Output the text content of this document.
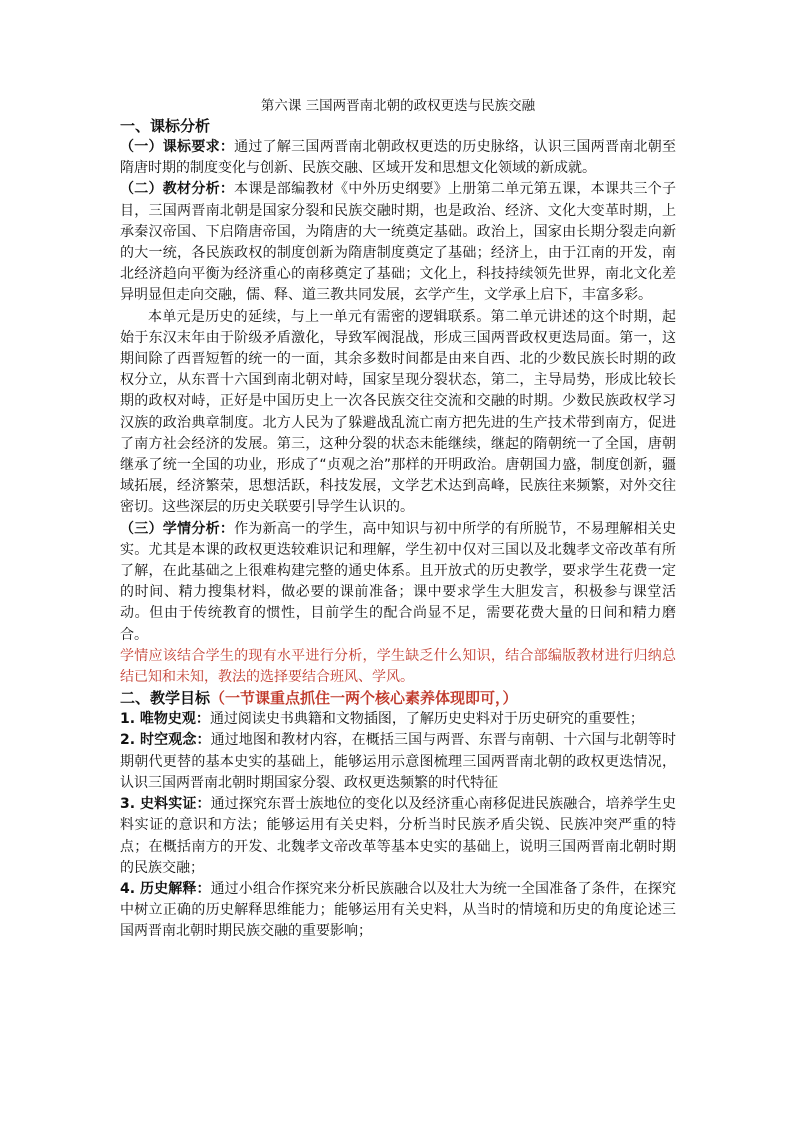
第六课 三国两晋南北朝的政权更迭与民族交融

一、课标分析

（一）课标要求：通过了解三国两晋南北朝政权更迭的历史脉络，认识三国两晋南北朝至隋唐时期的制度变化与创新、民族交融、区域开发和思想文化领域的新成就。

（二）教材分析：本课是部编教材《中外历史纲要》上册第二单元第五课，本课共三个子目，三国两晋南北朝是国家分裂和民族交融时期，也是政治、经济、文化大变革时期，上承秦汉帝国、下启隋唐帝国，为隋唐的大一统奠定基础。政治上，国家由长期分裂走向新的大一统，各民族政权的制度创新为隋唐制度奠定了基础；经济上，由于江南的开发，南北经济趋向平衡为经济重心的南移奠定了基础；文化上，科技持续领先世界，南北文化差异明显但走向交融，儒、释、道三教共同发展，玄学产生，文学承上启下，丰富多彩。

本单元是历史的延续，与上一单元有需密的逻辑联系。第二单元讲述的这个时期，起始于东汉末年由于阶级矛盾激化，导致军阀混战，形成三国两晋政权更迭局面。第一，这期间除了西晋短暂的统一的一面，其余多数时间都是由来自西、北的少数民族长时期的政权分立，从东晋十六国到南北朝对峙，国家呈现分裂状态，第二，主导局势，形成比较长期的政权对峙，正好是中国历史上一次各民族交往交流和交融的时期。少数民族政权学习汉族的政治典章制度。北方人民为了躲避战乱流亡南方把先进的生产技术带到南方，促进了南方社会经济的发展。第三，这种分裂的状态未能继续，继起的隋朝统一了全国，唐朝继承了统一全国的功业，形成了“贞观之治”那样的开明政治。唐朝国力盛，制度创新，疆域拓展，经济繁荣，思想活跃，科技发展，文学艺术达到高峰，民族往来频繁，对外交往密切。这些深层的历史关联要引导学生认识的。

（三）学情分析：作为新高一的学生，高中知识与初中所学的有所脱节，不易理解相关史实。尤其是本课的政权更迭较难识记和理解，学生初中仅对三国以及北魏孝文帝改革有所了解，在此基础之上很难构建完整的通史体系。且开放式的历史教学，要求学生花费一定的时间、精力搜集材料，做必要的课前准备；课中要求学生大胆发言，积极参与课堂活动。但由于传统教育的惯性，目前学生的配合尚显不足，需要花费大量的日间和精力磨合。

学情应该结合学生的现有水平进行分析，学生缺乏什么知识，结合部编版教材进行归纳总结已知和未知，教法的选择要结合班风、学风。

二、教学目标（一节课重点抓住一两个核心素养体现即可，）

1. 唯物史观：通过阅读史书典籍和文物插图，了解历史史料对于历史研究的重要性；

2. 时空观念：通过地图和教材内容，在概括三国与两晋、东晋与南朝、十六国与北朝等时期朝代更替的基本史实的基础上，能够运用示意图梳理三国两晋南北朝的政权更迭情况，认识三国两晋南北朝时期国家分裂、政权更迭频繁的时代特征

3. 史料实证：通过探究东晋士族地位的变化以及经济重心南移促进民族融合，培养学生史料实证的意识和方法；能够运用有关史料，分析当时民族矛盾尖锐、民族冲突严重的特点；在概括南方的开发、北魏孝文帝改革等基本史实的基础上，说明三国两晋南北朝时期的民族交融；

4. 历史解释：通过小组合作探究来分析民族融合以及壮大为统一全国准备了条件，在探究中树立正确的历史解释思维能力；能够运用有关史料，从当时的情境和历史的角度论述三国两晋南北朝时期民族交融的重要影响；
